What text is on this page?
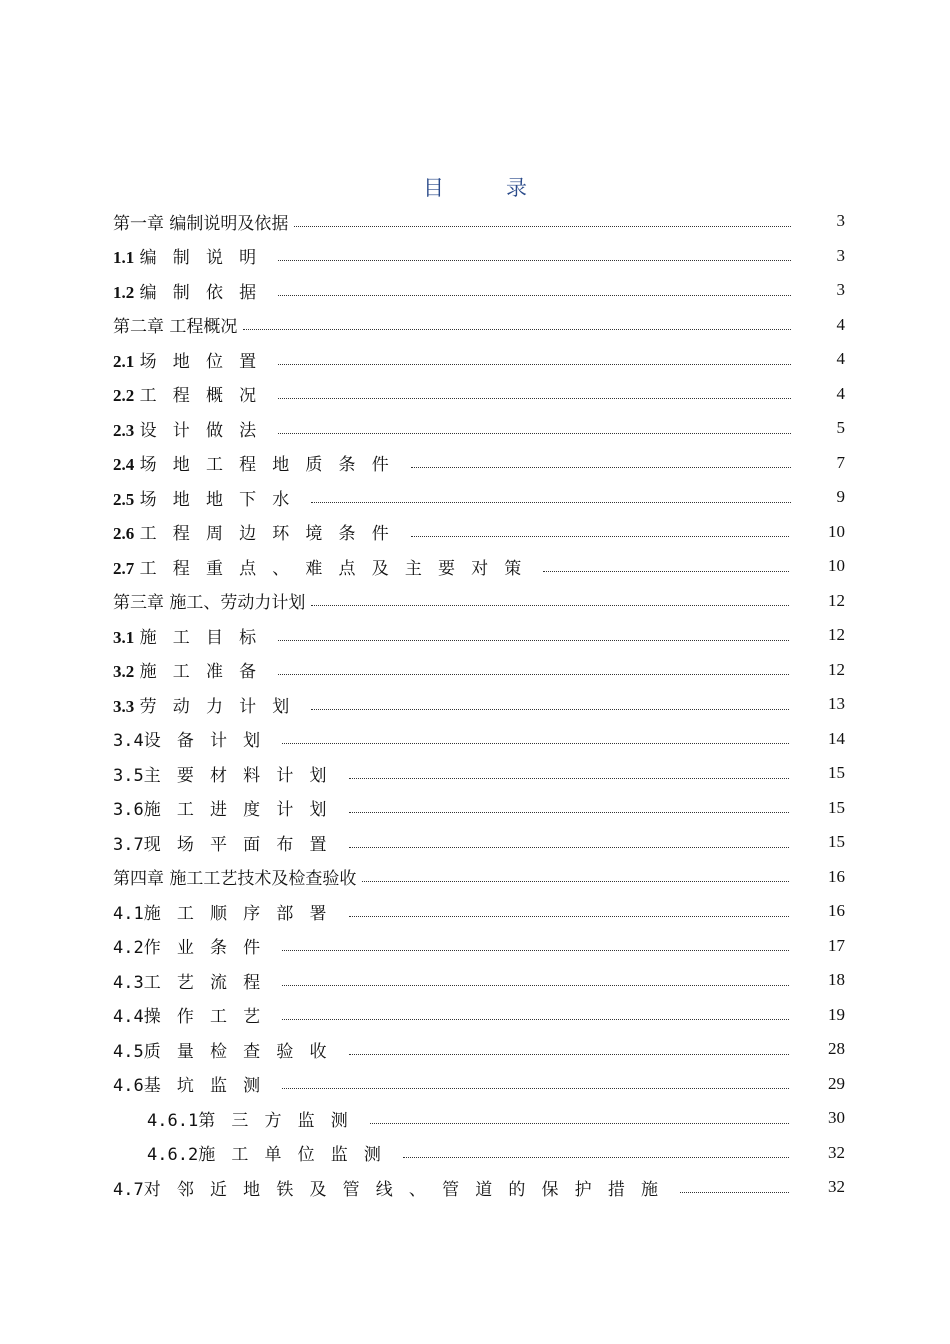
目	录
第一章 编制说明及依据	3
1.1 编制说明	3
1.2 编制依据	3
第二章 工程概况	4
2.1 场地位置	4
2.2 工程概况	4
2.3 设计做法	5
2.4 场地工程地质条件	7
2.5 场地地下水	9
2.6 工程周边环境条件	10
2.7 工程重点、难点及主要对策	10
第三章 施工、劳动力计划	12
3.1 施工目标	12
3.2 施工准备	12
3.3 劳动力计划	13
3.4设备计划	14
3.5主要材料计划	15
3.6施工进度计划	15
3.7现场平面布置	15
第四章 施工工艺技术及检查验收	16
4.1施工顺序部署	16
4.2作业条件	17
4.3工艺流程	18
4.4操作工艺	19
4.5质量检查验收	28
4.6基坑监测	29
4.6.1第三方监测	30
4.6.2施工单位监测	32
4.7对邻近地铁及管线、管道的保护措施	32
